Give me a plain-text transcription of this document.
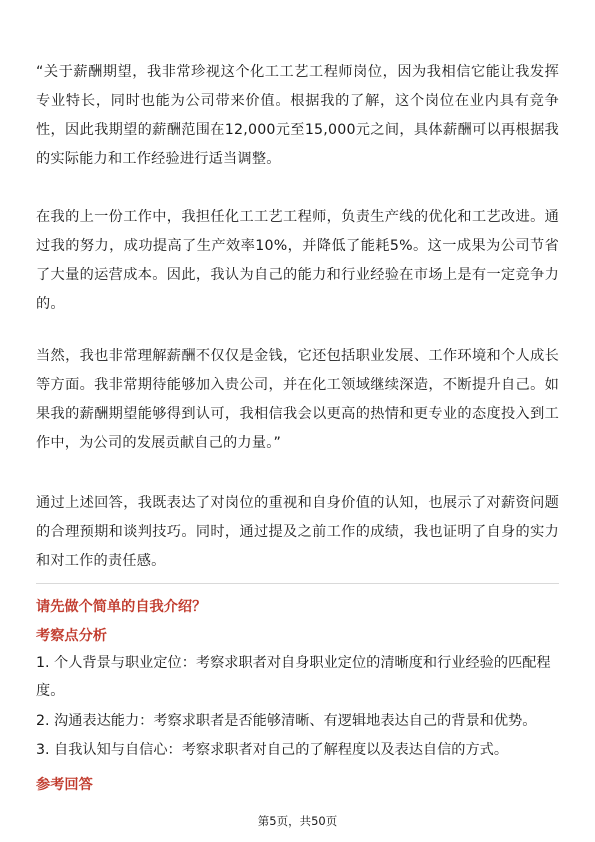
“关于薪酬期望，我非常珍视这个化工工艺工程师岗位，因为我相信它能让我发挥专业特长，同时也能为公司带来价值。根据我的了解，这个岗位在业内具有竞争性，因此我期望的薪酬范围在12,000元至15,000元之间，具体薪酬可以再根据我的实际能力和工作经验进行适当调整。

在我的上一份工作中，我担任化工工艺工程师，负责生产线的优化和工艺改进。通过我的努力，成功提高了生产效率10%，并降低了能耗5%。这一成果为公司节省了大量的运营成本。因此，我认为自己的能力和行业经验在市场上是有一定竞争力的。

当然，我也非常理解薪酬不仅仅是金钱，它还包括职业发展、工作环境和个人成长等方面。我非常期待能够加入贵公司，并在化工领域继续深造，不断提升自己。如果我的薪酬期望能够得到认可，我相信我会以更高的热情和更专业的态度投入到工作中，为公司的发展贡献自己的力量。”

通过上述回答，我既表达了对岗位的重视和自身价值的认知，也展示了对薪资问题的合理预期和谈判技巧。同时，通过提及之前工作的成绩，我也证明了自身的实力和对工作的责任感。

请先做个简单的自我介绍？

考察点分析

1. 个人背景与职业定位：考察求职者对自身职业定位的清晰度和行业经验的匹配程度。

2. 沟通表达能力：考察求职者是否能够清晰、有逻辑地表达自己的背景和优势。

3. 自我认知与自信心：考察求职者对自己的了解程度以及表达自信的方式。

参考回答

第5页，共50页
